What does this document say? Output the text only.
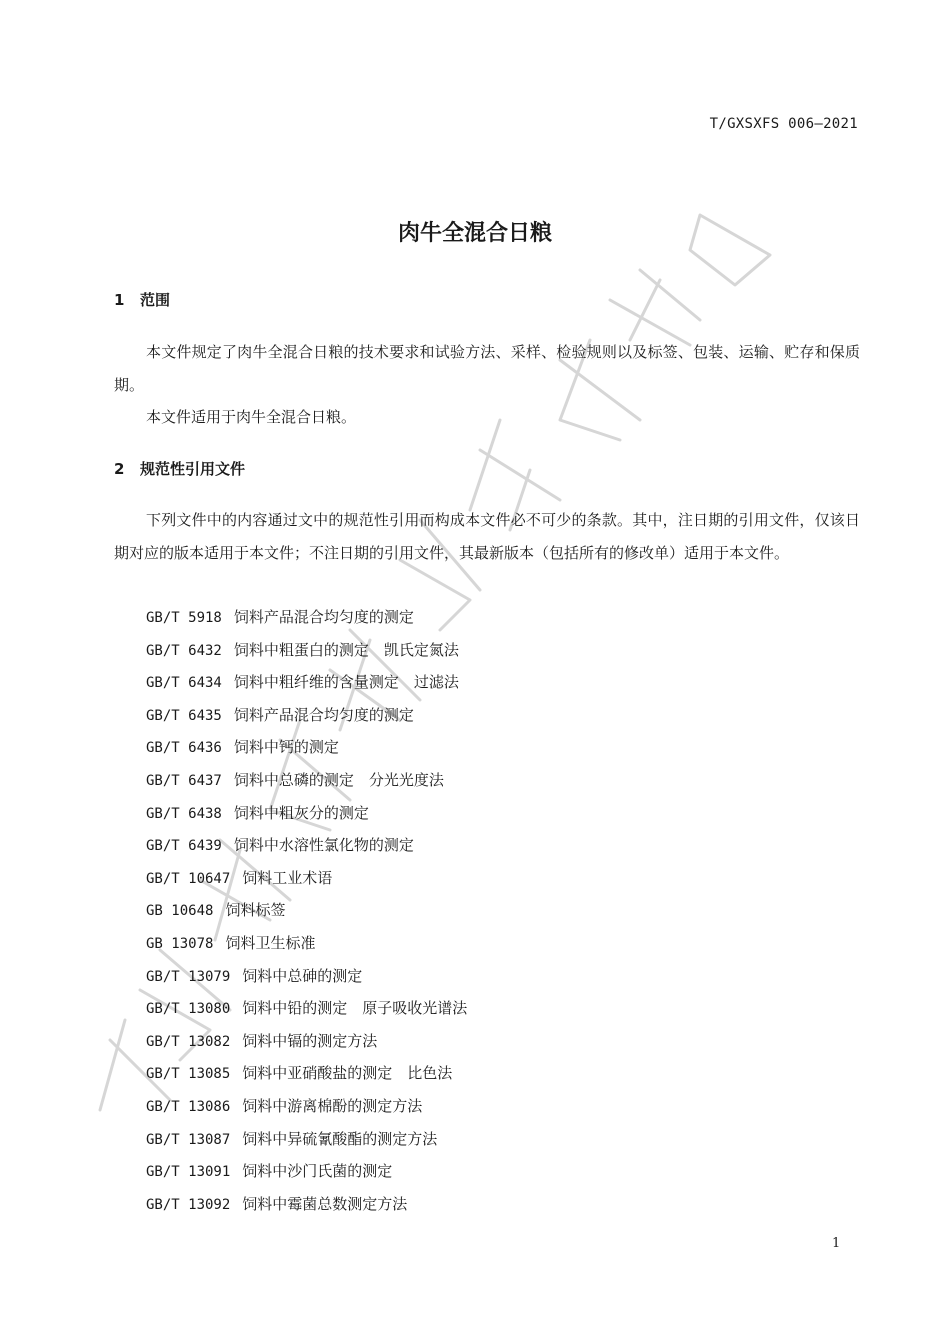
T/GXSXFS 006—2021
肉牛全混合日粮
1 范围
本文件规定了肉牛全混合日粮的技术要求和试验方法、采样、检验规则以及标签、包装、运输、贮存和保质期。
本文件适用于肉牛全混合日粮。
2 规范性引用文件
下列文件中的内容通过文中的规范性引用而构成本文件必不可少的条款。其中，注日期的引用文件，仅该日期对应的版本适用于本文件；不注日期的引用文件，其最新版本（包括所有的修改单）适用于本文件。
GB/T 5918 饲料产品混合均匀度的测定
GB/T 6432 饲料中粗蛋白的测定　凯氏定氮法
GB/T 6434 饲料中粗纤维的含量测定　过滤法
GB/T 6435 饲料产品混合均匀度的测定
GB/T 6436 饲料中钙的测定
GB/T 6437 饲料中总磷的测定　分光光度法
GB/T 6438 饲料中粗灰分的测定
GB/T 6439 饲料中水溶性氯化物的测定
GB/T 10647 饲料工业术语
GB 10648 饲料标签
GB 13078 饲料卫生标准
GB/T 13079 饲料中总砷的测定
GB/T 13080 饲料中铅的测定　原子吸收光谱法
GB/T 13082 饲料中镉的测定方法
GB/T 13085 饲料中亚硝酸盐的测定　比色法
GB/T 13086 饲料中游离棉酚的测定方法
GB/T 13087 饲料中异硫氰酸酯的测定方法
GB/T 13091 饲料中沙门氏菌的测定
GB/T 13092 饲料中霉菌总数测定方法
1
